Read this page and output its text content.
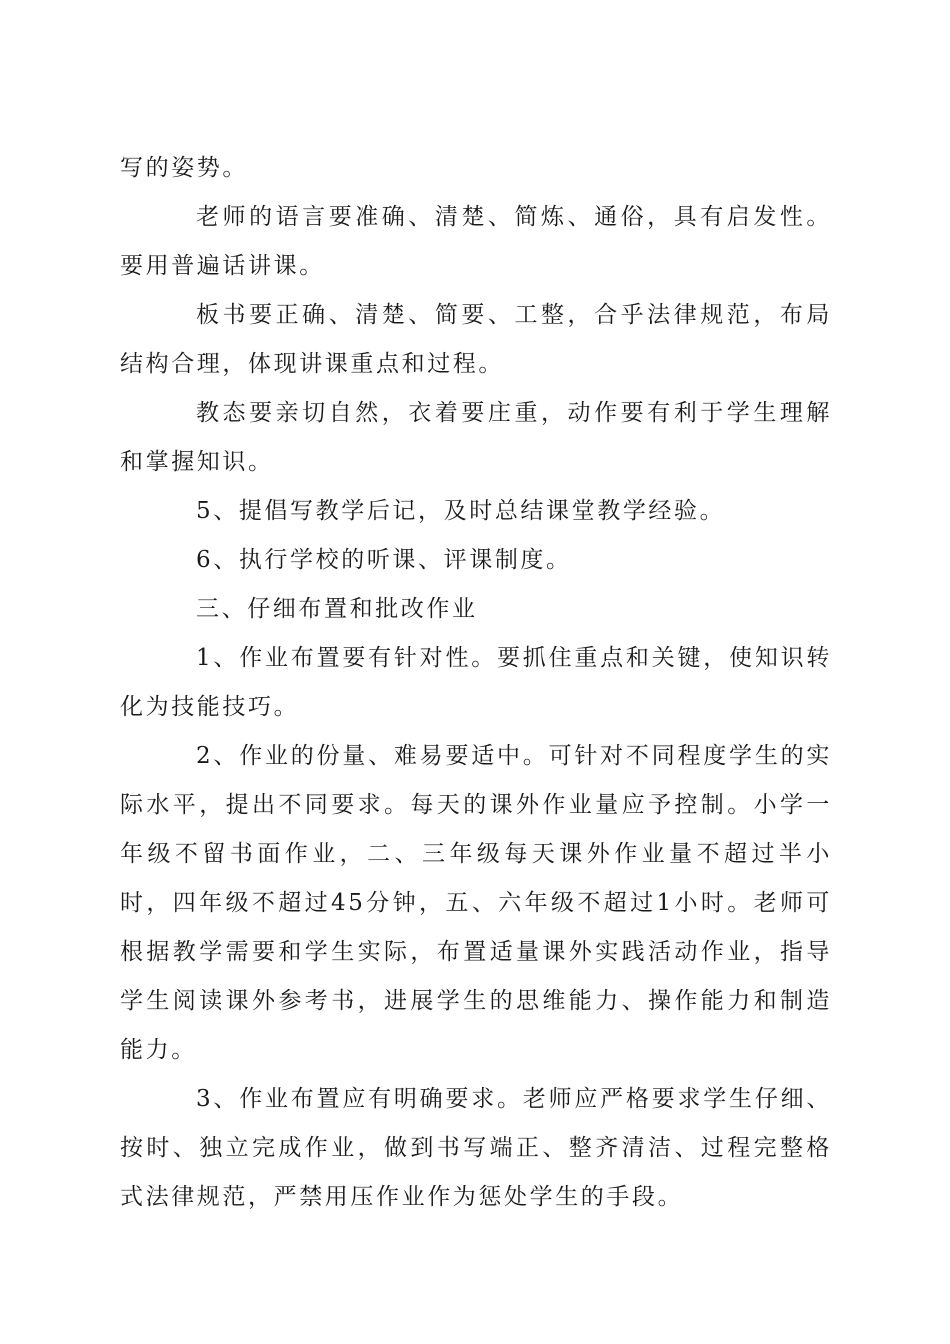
写的姿势。

老师的语言要准确、清楚、简炼、通俗，具有启发性。要用普遍话讲课。

板书要正确、清楚、简要、工整，合乎法律规范，布局结构合理，体现讲课重点和过程。

教态要亲切自然，衣着要庄重，动作要有利于学生理解和掌握知识。

5、提倡写教学后记，及时总结课堂教学经验。

6、执行学校的听课、评课制度。

三、仔细布置和批改作业

1、作业布置要有针对性。要抓住重点和关键，使知识转化为技能技巧。

2、作业的份量、难易要适中。可针对不同程度学生的实际水平，提出不同要求。每天的课外作业量应予控制。小学一年级不留书面作业，二、三年级每天课外作业量不超过半小时，四年级不超过45分钟，五、六年级不超过1小时。老师可根据教学需要和学生实际，布置适量课外实践活动作业，指导学生阅读课外参考书，进展学生的思维能力、操作能力和制造能力。

3、作业布置应有明确要求。老师应严格要求学生仔细、按时、独立完成作业，做到书写端正、整齐清洁、过程完整格式法律规范，严禁用压作业作为惩处学生的手段。
